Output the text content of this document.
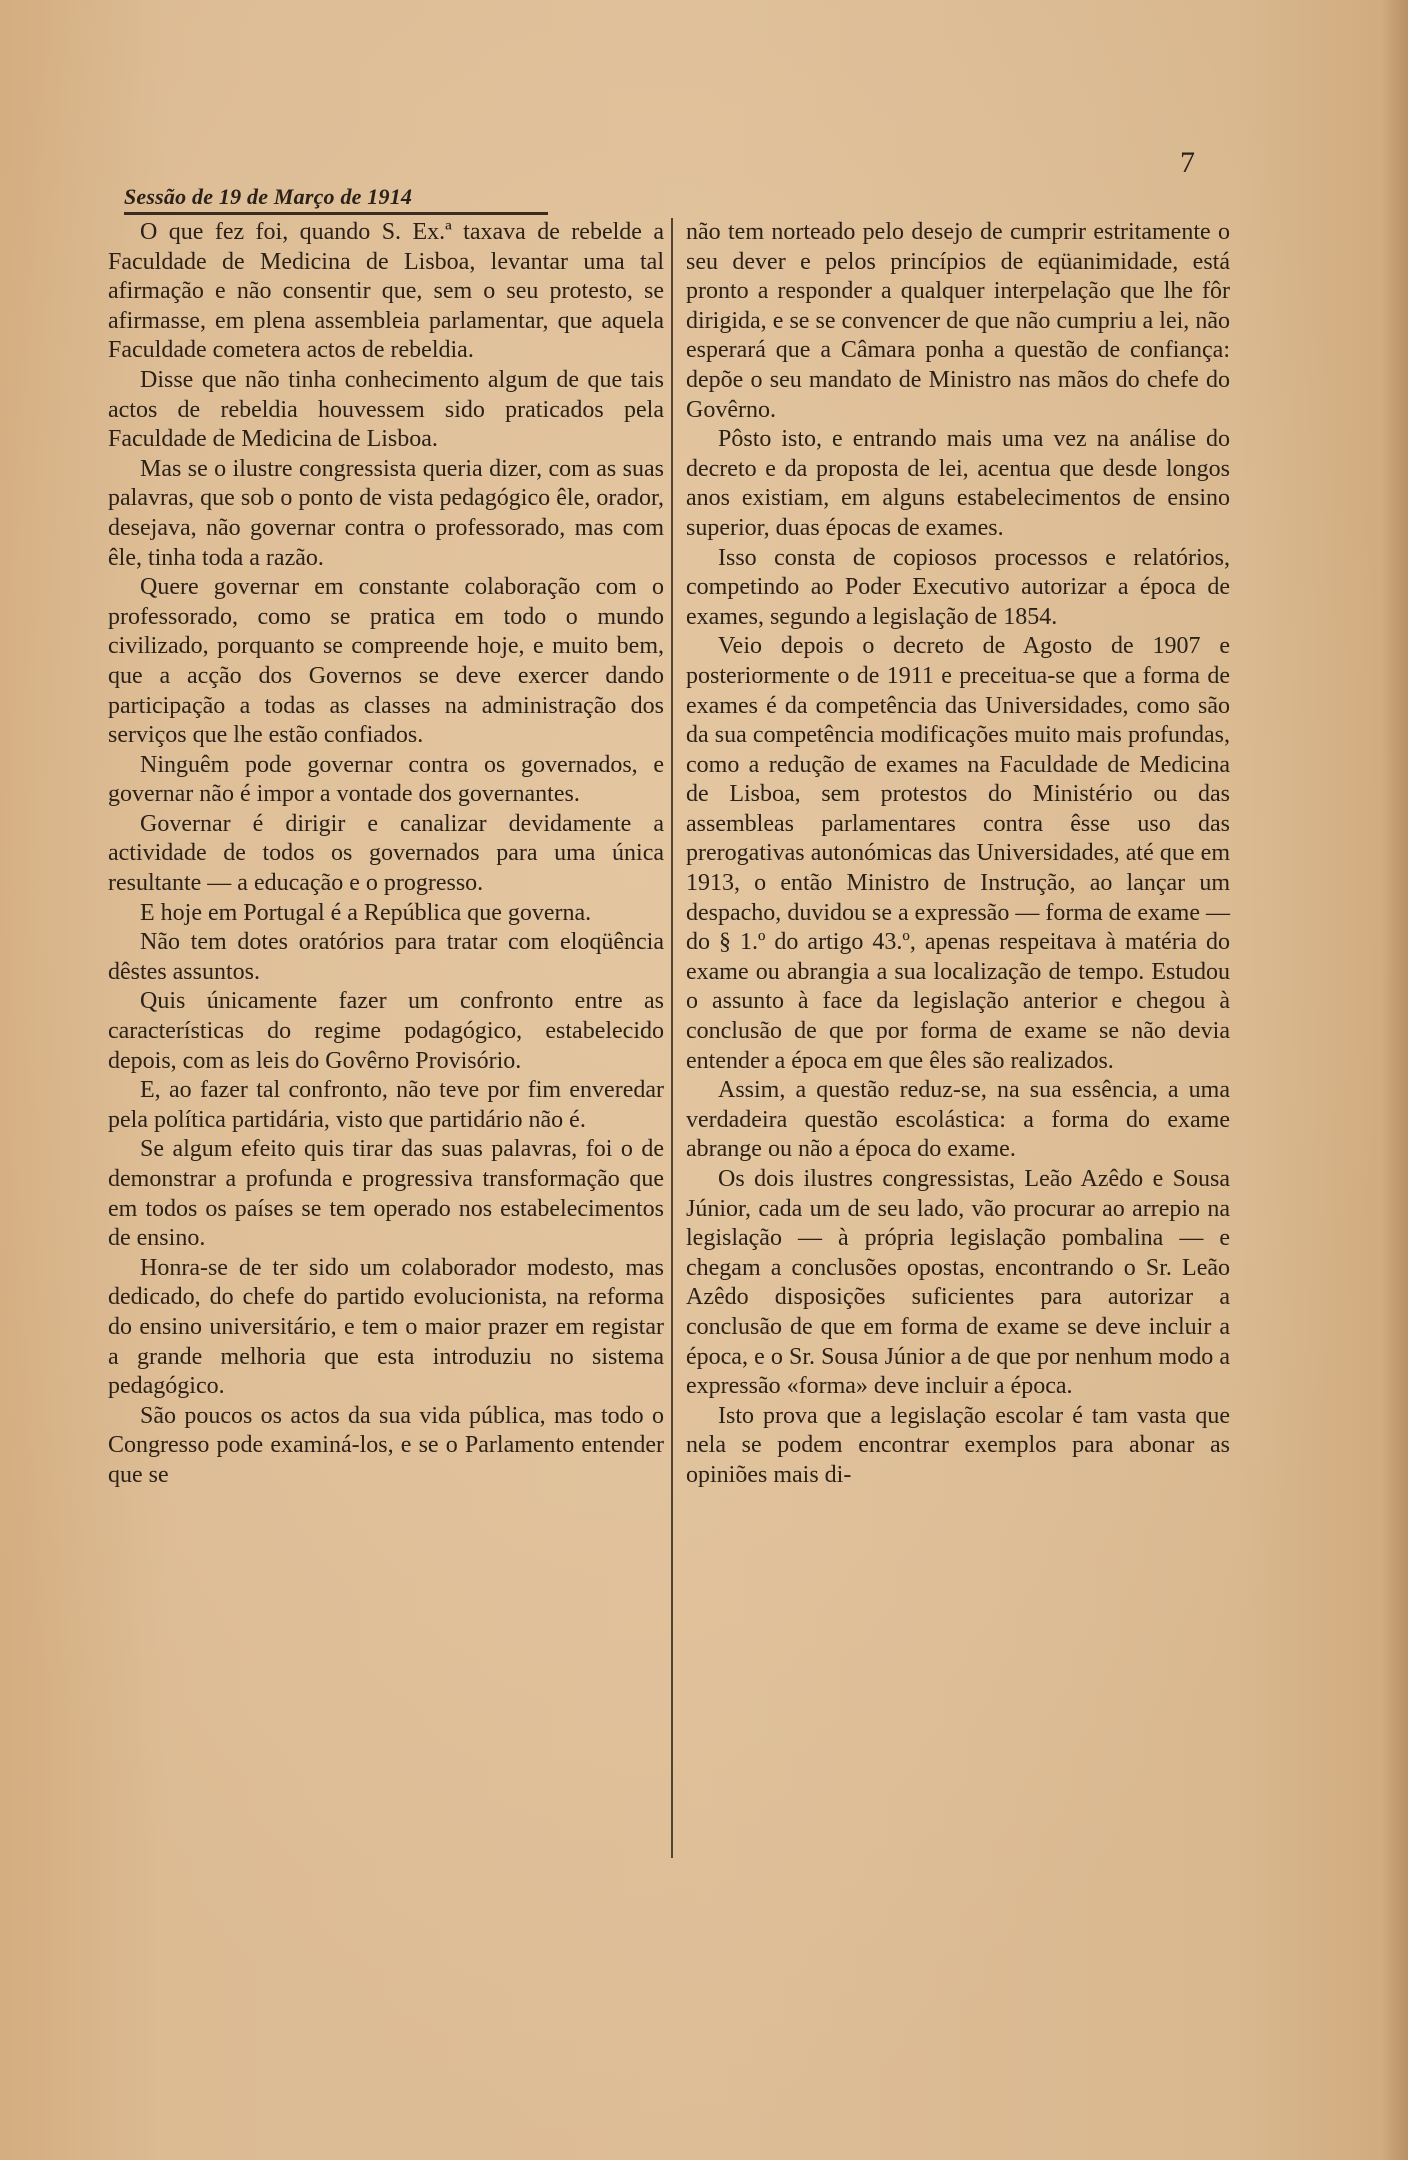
Sessão de 19 de Março de 1914
7

O que fez foi, quando S. Ex.ª taxava de rebelde a Faculdade de Medicina de Lisboa, levantar uma tal afirmação e não consentir que, sem o seu protesto, se afirmasse, em plena assembleia parlamentar, que aquela Faculdade cometera actos de rebeldia.

Disse que não tinha conhecimento algum de que tais actos de rebeldia houvessem sido praticados pela Faculdade de Medicina de Lisboa.

Mas se o ilustre congressista queria dizer, com as suas palavras, que sob o ponto de vista pedagógico êle, orador, desejava, não governar contra o professorado, mas com êle, tinha toda a razão.

Quere governar em constante colaboração com o professorado, como se pratica em todo o mundo civilizado, porquanto se compreende hoje, e muito bem, que a acção dos Governos se deve exercer dando participação a todas as classes na administração dos serviços que lhe estão confiados.

Ninguêm pode governar contra os governados, e governar não é impor a vontade dos governantes.

Governar é dirigir e canalizar devidamente a actividade de todos os governados para uma única resultante — a educação e o progresso.

E hoje em Portugal é a República que governa.

Não tem dotes oratórios para tratar com eloqüência dêstes assuntos.

Quis únicamente fazer um confronto entre as características do regime podagógico, estabelecido depois, com as leis do Govêrno Provisório.

E, ao fazer tal confronto, não teve por fim enveredar pela política partidária, visto que partidário não é.

Se algum efeito quis tirar das suas palavras, foi o de demonstrar a profunda e progressiva transformação que em todos os países se tem operado nos estabelecimentos de ensino.

Honra-se de ter sido um colaborador modesto, mas dedicado, do chefe do partido evolucionista, na reforma do ensino universitário, e tem o maior prazer em registar a grande melhoria que esta introduziu no sistema pedagógico.

São poucos os actos da sua vida pública, mas todo o Congresso pode examiná-los, e se o Parlamento entender que se

não tem norteado pelo desejo de cumprir estritamente o seu dever e pelos princípios de eqüanimidade, está pronto a responder a qualquer interpelação que lhe fôr dirigida, e se se convencer de que não cumpriu a lei, não esperará que a Câmara ponha a questão de confiança: depõe o seu mandato de Ministro nas mãos do chefe do Govêrno.

Pôsto isto, e entrando mais uma vez na análise do decreto e da proposta de lei, acentua que desde longos anos existiam, em alguns estabelecimentos de ensino superior, duas épocas de exames.

Isso consta de copiosos processos e relatórios, competindo ao Poder Executivo autorizar a época de exames, segundo a legislação de 1854.

Veio depois o decreto de Agosto de 1907 e posteriormente o de 1911 e preceitua-se que a forma de exames é da competência das Universidades, como são da sua competência modificações muito mais profundas, como a redução de exames na Faculdade de Medicina de Lisboa, sem protestos do Ministério ou das assembleas parlamentares contra êsse uso das prerogativas autonómicas das Universidades, até que em 1913, o então Ministro de Instrução, ao lançar um despacho, duvidou se a expressão — forma de exame — do § 1.º do artigo 43.º, apenas respeitava à matéria do exame ou abrangia a sua localização de tempo. Estudou o assunto à face da legislação anterior e chegou à conclusão de que por forma de exame se não devia entender a época em que êles são realizados.

Assim, a questão reduz-se, na sua essência, a uma verdadeira questão escolástica: a forma do exame abrange ou não a época do exame.

Os dois ilustres congressistas, Leão Azêdo e Sousa Júnior, cada um de seu lado, vão procurar ao arrepio na legislação — à própria legislação pombalina — e chegam a conclusões opostas, encontrando o Sr. Leão Azêdo disposições suficientes para autorizar a conclusão de que em forma de exame se deve incluir a época, e o Sr. Sousa Júnior a de que por nenhum modo a expressão «forma» deve incluir a época.

Isto prova que a legislação escolar é tam vasta que nela se podem encontrar exemplos para abonar as opiniões mais di-
